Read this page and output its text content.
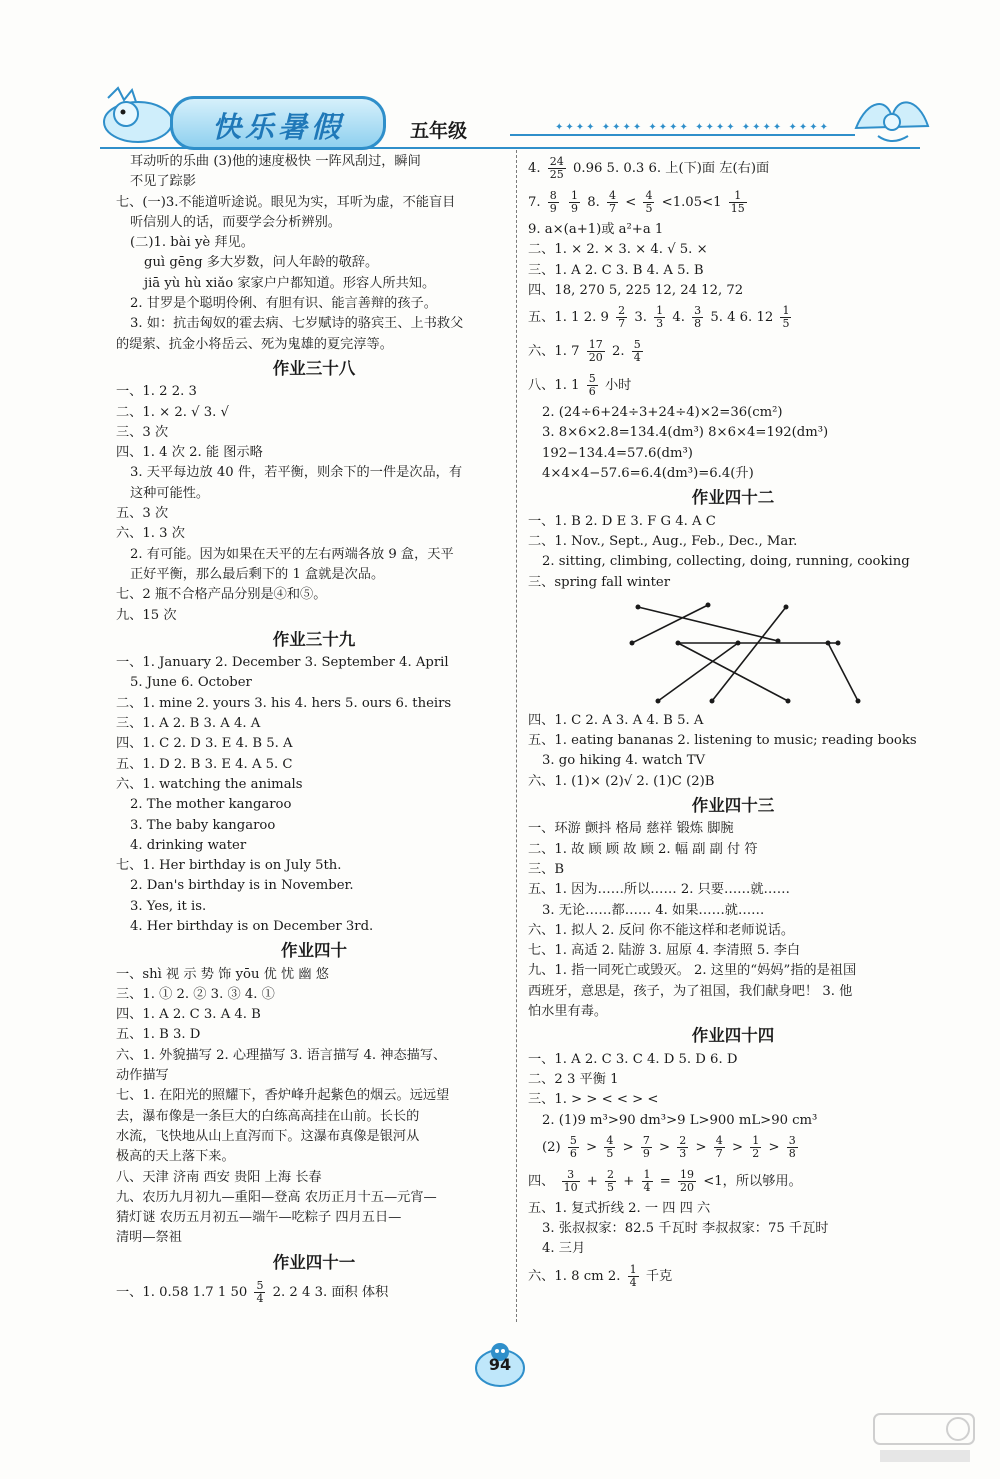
快乐暑假	五年级	✦✦✦✦ ✦✦✦✦ ✦✦✦✦ ✦✦✦✦ ✦✦✦✦ ✦✦✦✦
耳动听的乐曲 (3)他的速度极快 一阵风刮过，瞬间
不见了踪影
七、(一)3.不能道听途说。眼见为实，耳听为虚，不能盲目
听信别人的话，而要学会分析辨别。
(二)1. bài yè 拜见。
guì gēng 多大岁数，问人年龄的敬辞。
jiā yù hù xiǎo 家家户户都知道。形容人所共知。
2. 甘罗是个聪明伶俐、有胆有识、能言善辩的孩子。
3. 如：抗击匈奴的霍去病、七岁赋诗的骆宾王、上书救父
的缇萦、抗金小将岳云、死为鬼雄的夏完淳等。
作业三十八
一、1. 2 2. 3
二、1. × 2. √ 3. √
三、3 次
四、1. 4 次 2. 能 图示略
3. 天平每边放 40 件，若平衡，则余下的一件是次品，有
这种可能性。
五、3 次
六、1. 3 次
2. 有可能。因为如果在天平的左右两端各放 9 盒，天平
正好平衡，那么最后剩下的 1 盒就是次品。
七、2 瓶不合格产品分别是④和⑤。
九、15 次
作业三十九
一、1. January 2. December 3. September 4. April
5. June 6. October
二、1. mine 2. yours 3. his 4. hers 5. ours 6. theirs
三、1. A 2. B 3. A 4. A
四、1. C 2. D 3. E 4. B 5. A
五、1. D 2. B 3. E 4. A 5. C
六、1. watching the animals
2. The mother kangaroo
3. The baby kangaroo
4. drinking water
七、1. Her birthday is on July 5th.
2. Dan's birthday is in November.
3. Yes, it is.
4. Her birthday is on December 3rd.
作业四十
一、shì 视 示 势 饰 yōu 优 忧 幽 悠
三、1. ① 2. ② 3. ③ 4. ①
四、1. A 2. C 3. A 4. B
五、1. B 3. D
六、1. 外貌描写 2. 心理描写 3. 语言描写 4. 神态描写、
动作描写
七、1. 在阳光的照耀下，香炉峰升起紫色的烟云。远远望
去，瀑布像是一条巨大的白练高高挂在山前。长长的
水流，飞快地从山上直泻而下。这瀑布真像是银河从
极高的天上落下来。
八、天津 济南 西安 贵阳 上海 长春
九、农历九月初九—重阳—登高 农历正月十五—元宵—
猜灯谜 农历五月初五—端午—吃粽子 四月五日—
清明—祭祖
作业四十一
一、1. 0.58 1.7 1 $50 \frac{5}{4} 2$. 2 4 3. 面积 体积
4. $\frac{24}{25} 0.96$ 5. 0.3 6. 上(下)面 左(右)面
7. $\frac{8}{9}$
$\frac{1}{9} 8$. $\frac{4}{7} < \frac{4}{5} <1.05<1 \frac{1}{15}$
9. a×(a+1)或 a²+a 1
二、1. × 2. × 3. × 4. √ 5. ×
三、1. A 2. C 3. B 4. A 5. B
四、18, 270 5, 225 12, 24 12, 72
五、1. 1 2. $9 \frac{2}{7} 3$. $\frac{1}{3} 4$. $\frac{3}{8} 5$. 4 6. $12 \frac{1}{5}$
六、1. $7 \frac{17}{20} 2$. $\frac{5}{4}$
八、1. $1 \frac{5}{6}$ 小时
2. (24÷6+24÷3+24÷4)×2=36(cm²)
3. 8×6×2.8=134.4(dm³) 8×6×4=192(dm³)
192−134.4=57.6(dm³)
4×4×4−57.6=6.4(dm³)=6.4(升)
作业四十二
一、1. B 2. D E 3. F G 4. A C
二、1. Nov., Sept., Aug., Feb., Dec., Mar.
2. sitting, climbing, collecting, doing, running, cooking
三、spring fall winter
四、1. C 2. A 3. A 4. B 5. A
五、1. eating bananas 2. listening to music; reading books
3. go hiking 4. watch TV
六、1. (1)× (2)√ 2. (1)C (2)B
作业四十三
一、环游 颤抖 格局 慈祥 锻炼 脚腕
二、1. 故 顾 顾 故 顾 2. 幅 副 副 付 符
三、B
五、1. 因为……所以…… 2. 只要……就……
3. 无论……都…… 4. 如果……就……
六、1. 拟人 2. 反问 你不能这样和老师说话。
七、1. 高适 2. 陆游 3. 屈原 4. 李清照 5. 李白
九、1. 指一同死亡或毁灭。 2. 这里的“妈妈”指的是祖国
西班牙，意思是，孩子，为了祖国，我们献身吧！ 3. 他
怕水里有毒。
作业四十四
一、1. A 2. C 3. C 4. D 5. D 6. D
二、2 3 平衡 1
三、1. > > < < > <
2. (1)9 m³>90 dm³>9 L>900 mL>90 cm³
$(2) \frac{5}{6} > \frac{4}{5} > \frac{7}{9} > \frac{2}{3} > \frac{4}{7} > \frac{1}{2} > \frac{3}{8}$
四、 $\frac{3}{10} + \frac{2}{5} + \frac{1}{4} = \frac{19}{20} <1$，所以够用。
五、1. 复式折线 2. 一 四 四 六
3. 张叔叔家：82.5 千瓦时 李叔叔家：75 千瓦时
4. 三月
六、1. 8 cm 2. $\frac{1}{4}$ 千克
94
